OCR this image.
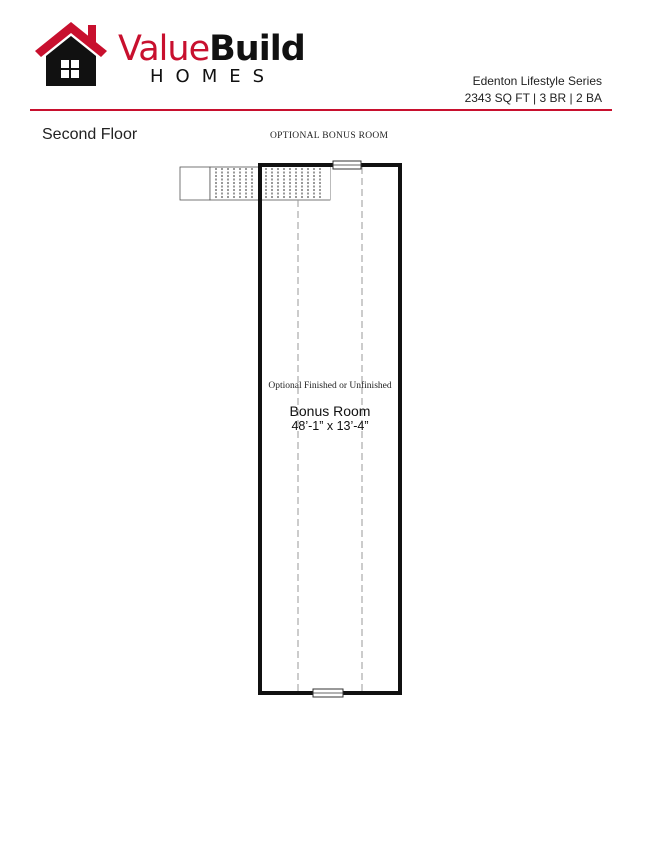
ValueBuild
HOMES	Edenton Lifestyle Series
2343 SQ FT | 3 BR | 2 BA
Second Floor	OPTIONAL BONUS ROOM
Optional Finished or Unfinished
Bonus Room
48’-1” x 13’-4”
